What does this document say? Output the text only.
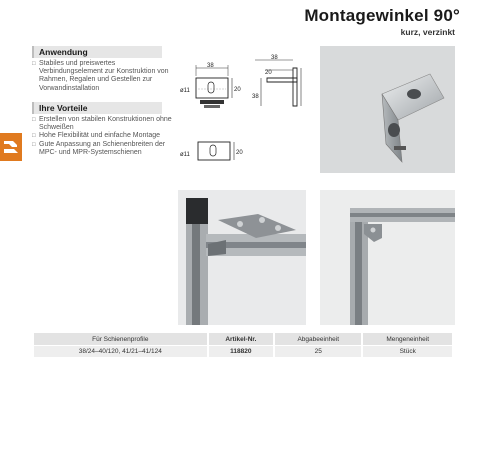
Montagewinkel 90°
kurz, verzinkt
Anwendung
□ Stabiles und preiswertes Verbindungselement zur Konstruktion von Rahmen, Regalen und Gestellen zur Vorwandinstallation
Ihre Vorteile
□ Erstellen von stabilen Konstruktionen ohne Schweißen
□ Hohe Flexibilität und einfache Montage
□ Gute Anpassung an Schienenbreiten der MPC- und MPR-Systemschienen
38
20
ø11
38
20
38
20
ø11
Für Schienenprofile	Artikel-Nr.	Abgabeeinheit	Mengeneinheit
38/24–40/120, 41/21–41/124	118820	25	Stück
